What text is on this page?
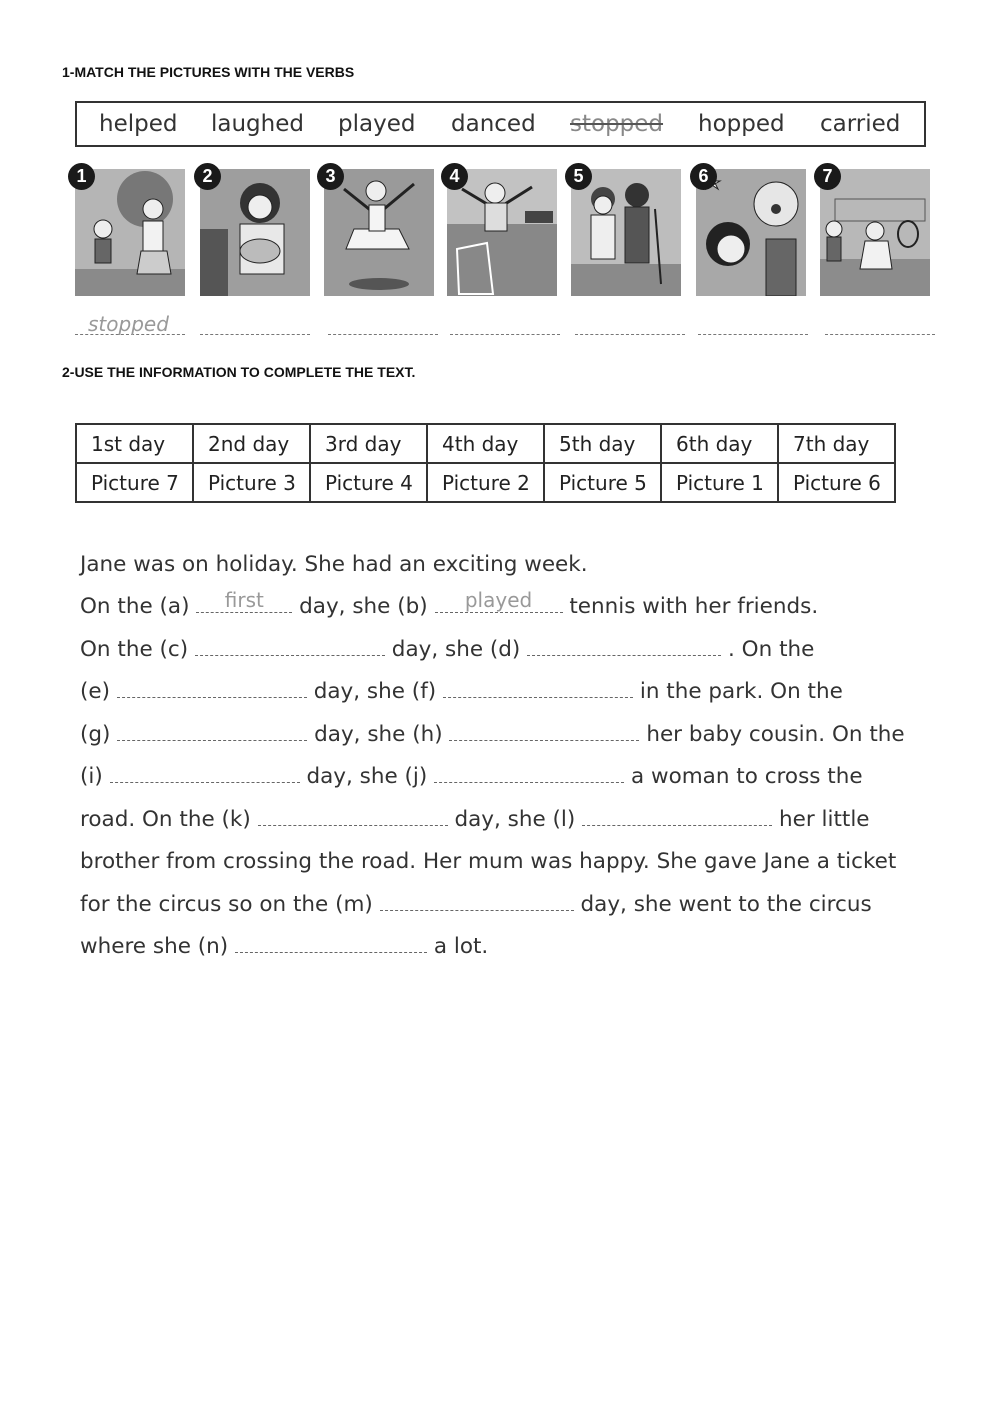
1-MATCH THE PICTURES WITH THE VERBS
helped laughed played danced stopped hopped carried
1	2	3	4	5	6	7
stopped
2-USE THE INFORMATION TO COMPLETE THE TEXT.
1st day	2nd day	3rd day	4th day	5th day	6th day	7th day
Picture 7	Picture 3	Picture 4	Picture 2	Picture 5	Picture 1	Picture 6
Jane was on holiday. She had an exciting week.
On the (a)	first	day, she (b)	played	tennis with her friends.
On the (c)	day, she (d)	. On the
(e)	day, she (f)	in the park. On the
(g)	day, she (h)	her baby cousin. On the
(i)	day, she (j)	a woman to cross the
road. On the (k)	day, she (l)	her little
brother from crossing the road. Her mum was happy. She gave Jane a ticket
for the circus so on the (m)	day, she went to the circus
where she (n)	a lot.
